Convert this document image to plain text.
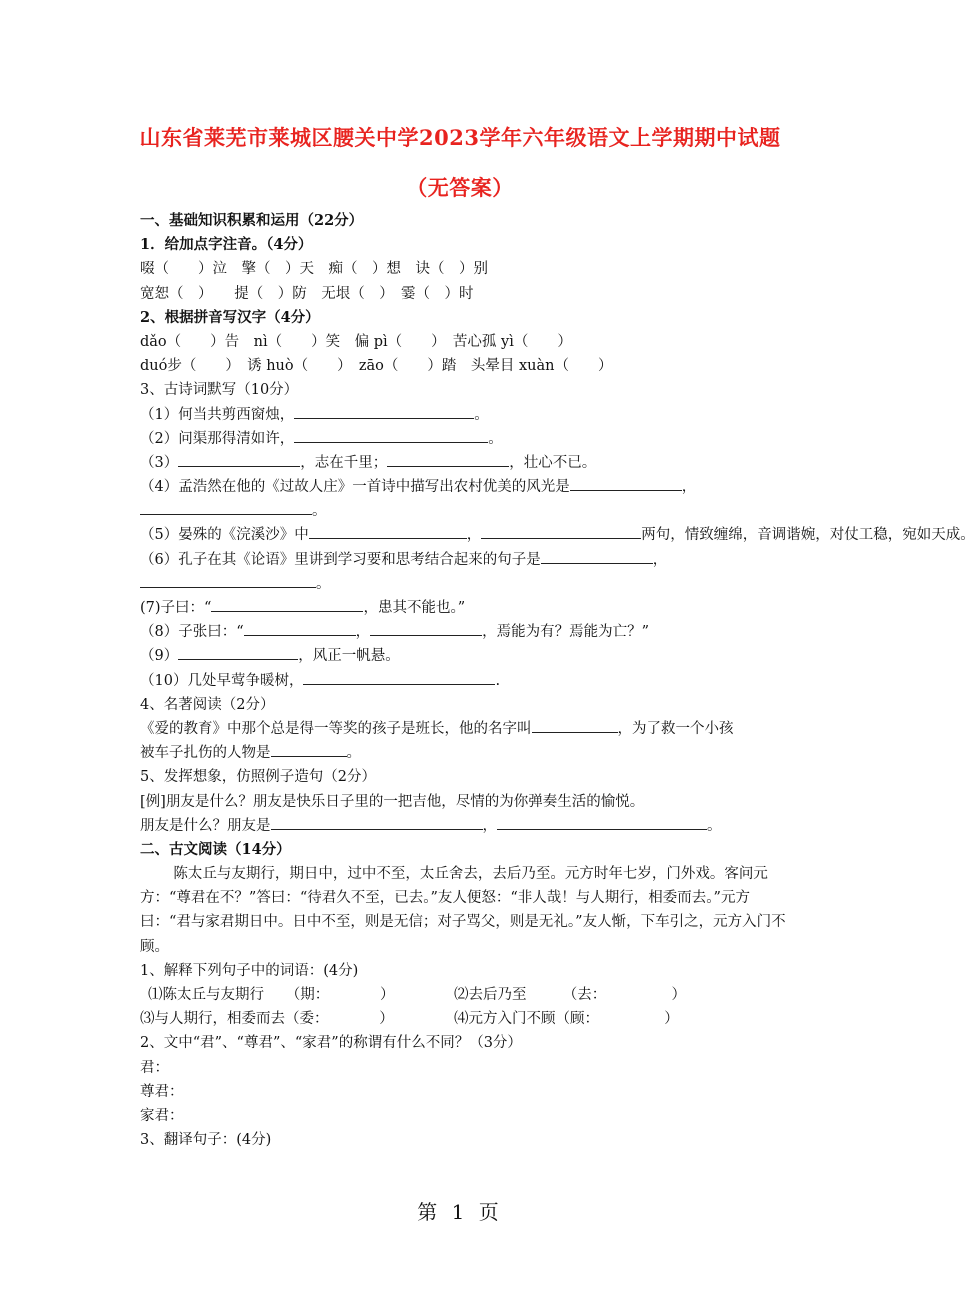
山东省莱芜市莱城区腰关中学2023学年六年级语文上学期期中试题
（无答案）
一、基础知识积累和运用（22分）
1．给加点字注音。（4分）
啜（　　）泣　擎（　）天　痴（　）想　诀（　）别
宽恕（　）　　提（　）防　无垠（　）　霎（　）时
2、根据拼音写汉字（4分）
dǎo（　　）告　nì（　　）笑　偏 pì（　　）　苦心孤 yì（　　）
duó步（　　）　诱 huò（　　）　zāo（　　）踏　头晕目 xuàn（　　）
3、古诗词默写（10分）
（1）何当共剪西窗烛，	。
（2）问渠那得清如许，	。
（3）	，志在千里；	，壮心不已。
（4）孟浩然在他的《过故人庄》一首诗中描写出农村优美的风光是	，
。
（5）晏殊的《浣溪沙》中	，	两句，情致缠绵，音调谐婉，对仗工稳，宛如天成。
（6）孔子在其《论语》里讲到学习要和思考结合起来的句子是	，
。
(7)子曰：“	，患其不能也。”
（8）子张曰：“	，	，焉能为有？焉能为亡？”
（9）	，风正一帆悬。
（10）几处早莺争暖树，	.
4、名著阅读（2分）
《爱的教育》中那个总是得一等奖的孩子是班长，他的名字叫	，为了救一个小孩
被车子扎伤的人物是	。
5、发挥想象，仿照例子造句（2分）
[例]朋友是什么？朋友是快乐日子里的一把吉他，尽情的为你弹奏生活的愉悦。
朋友是什么？朋友是	，	。
二、古文阅读（14分）
陈太丘与友期行，期日中，过中不至，太丘舍去，去后乃至。元方时年七岁，门外戏。客问元方：“尊君在不？”答曰：“待君久不至，已去。”友人便怒：“非人哉！与人期行，相委而去。”元方曰：“君与家君期日中。日中不至，则是无信；对子骂父，则是无礼。”友人惭，下车引之，元方入门不顾。
1、解释下列句子中的词语：(4分)
⑴陈太丘与友期行　　（期：　　　　）	⑵去后乃至　　　（去：　　　　　）
⑶与人期行，相委而去（委：　　　　）	⑷元方入门不顾（顾：　　　　　）
2、文中“君”、“尊君”、“家君”的称谓有什么不同？（3分）
君：
尊君：
家君：
3、翻译句子：(4分)
第 1 页
